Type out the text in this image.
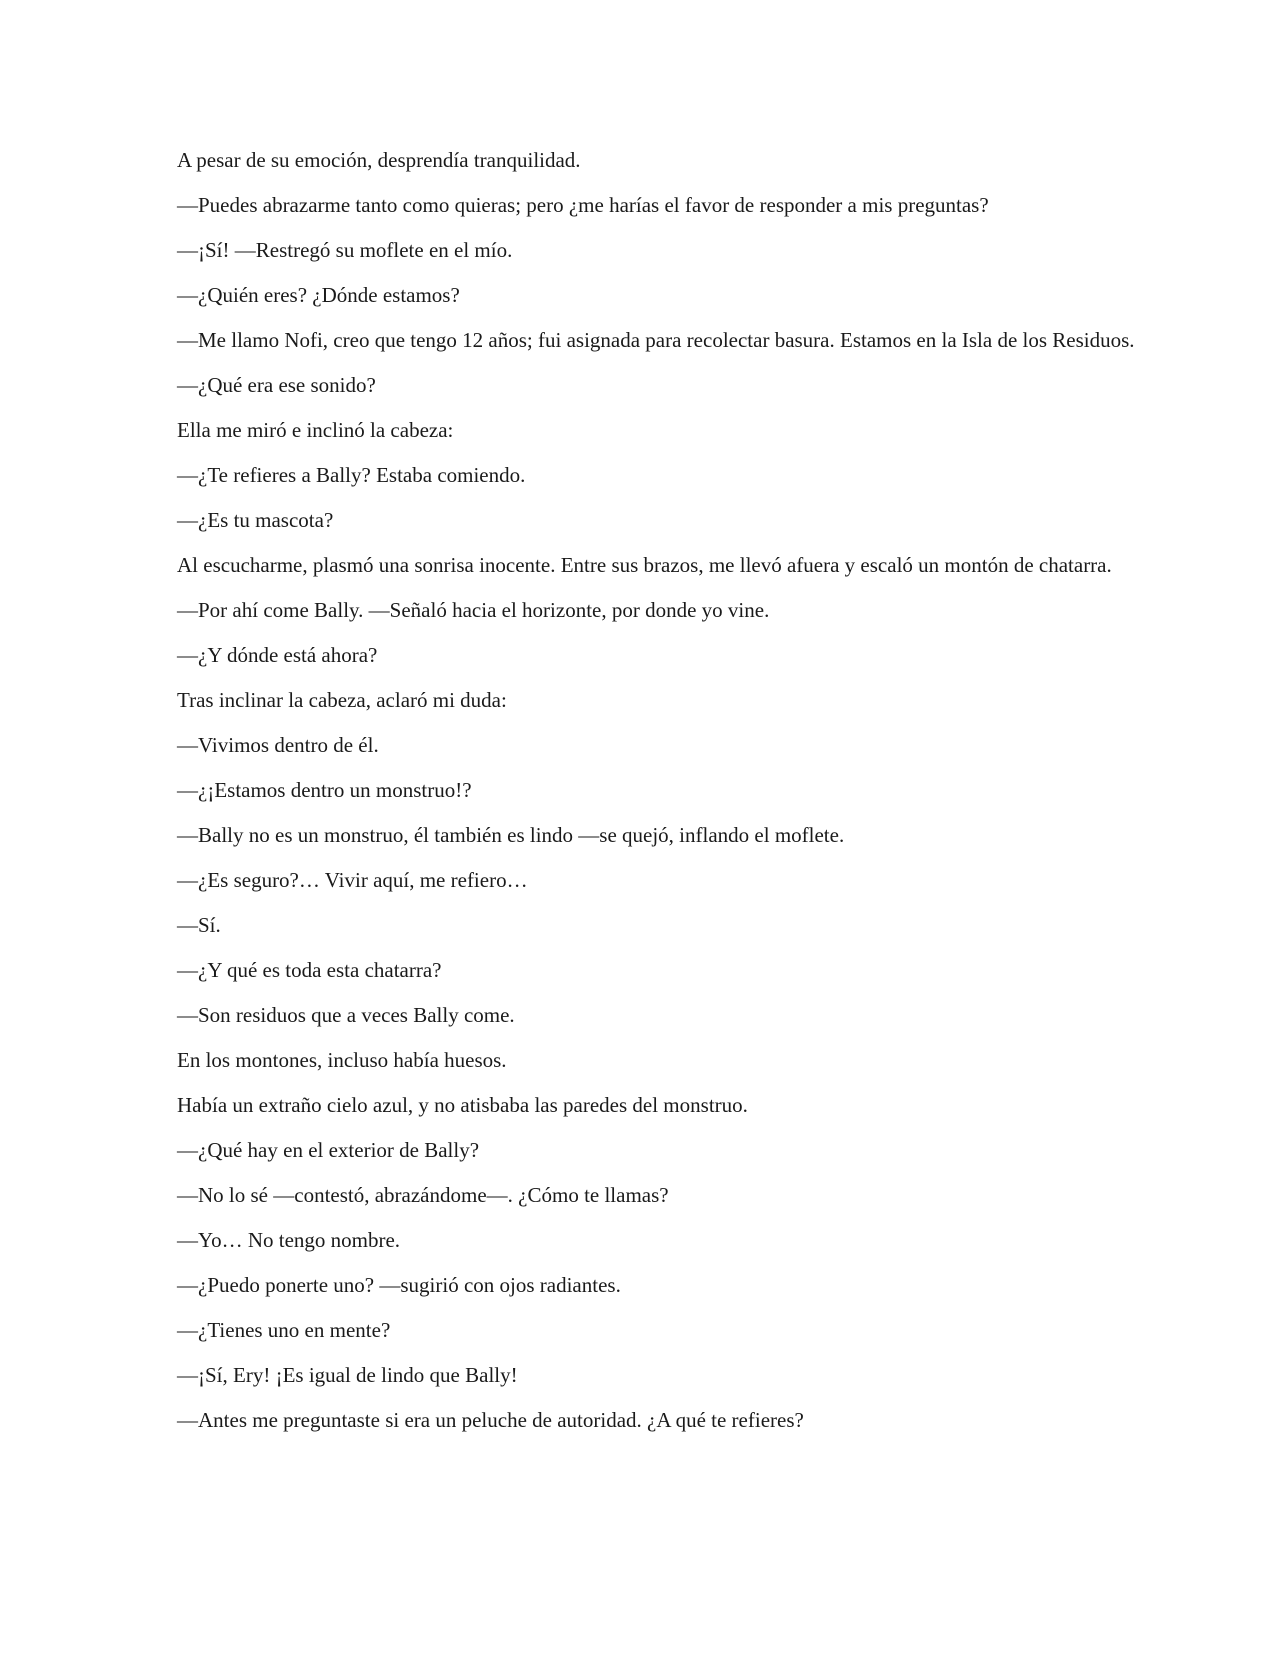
A pesar de su emoción, desprendía tranquilidad.

—Puedes abrazarme tanto como quieras; pero ¿me harías el favor de responder a mis preguntas?

—¡Sí! —Restregó su moflete en el mío.

—¿Quién eres? ¿Dónde estamos?

—Me llamo Nofi, creo que tengo 12 años; fui asignada para recolectar basura. Estamos en la Isla de los Residuos.

—¿Qué era ese sonido?

Ella me miró e inclinó la cabeza:

—¿Te refieres a Bally? Estaba comiendo.

—¿Es tu mascota?

Al escucharme, plasmó una sonrisa inocente. Entre sus brazos, me llevó afuera y escaló un montón de chatarra.

—Por ahí come Bally. —Señaló hacia el horizonte, por donde yo vine.

—¿Y dónde está ahora?

Tras inclinar la cabeza, aclaró mi duda:

—Vivimos dentro de él.

—¿¡Estamos dentro un monstruo!?

—Bally no es un monstruo, él también es lindo —se quejó, inflando el moflete.

—¿Es seguro?… Vivir aquí, me refiero…

—Sí.

—¿Y qué es toda esta chatarra?

—Son residuos que a veces Bally come.

En los montones, incluso había huesos.

Había un extraño cielo azul, y no atisbaba las paredes del monstruo.

—¿Qué hay en el exterior de Bally?

—No lo sé —contestó, abrazándome—. ¿Cómo te llamas?

—Yo… No tengo nombre.

—¿Puedo ponerte uno? —sugirió con ojos radiantes.

—¿Tienes uno en mente?

—¡Sí, Ery! ¡Es igual de lindo que Bally!

—Antes me preguntaste si era un peluche de autoridad. ¿A qué te refieres?
